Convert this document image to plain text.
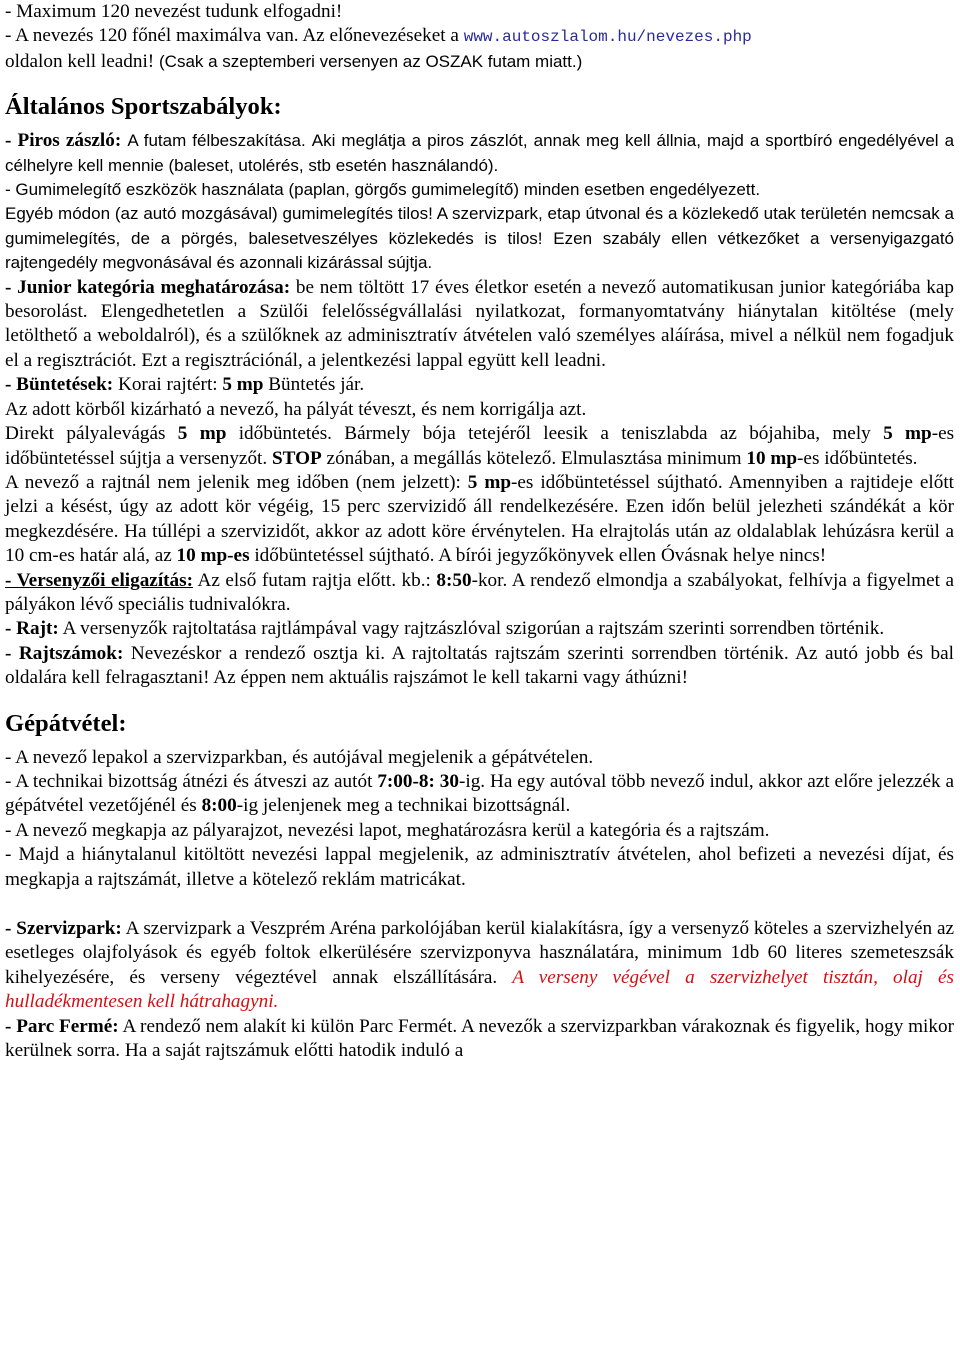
- Maximum 120 nevezést tudunk elfogadni!

- A nevezés 120 főnél maximálva van. Az előnevezéseket a www.autoszlalom.hu/nevezes.php

oldalon kell leadni! (Csak a szeptemberi versenyen az OSZAK futam miatt.)

Általános Sportszabályok:

- Piros zászló: A futam félbeszakítása. Aki meglátja a piros zászlót, annak meg kell állnia, majd a sportbíró engedélyével a célhelyre kell mennie (baleset, utolérés, stb esetén használandó).

- Gumimelegítő eszközök használata (paplan, görgős gumimelegítő) minden esetben engedélyezett.

Egyéb módon (az autó mozgásával) gumimelegítés tilos! A szervizpark, etap útvonal és a közlekedő utak területén nemcsak a gumimelegítés, de a pörgés, balesetveszélyes közlekedés is tilos! Ezen szabály ellen vétkezőket a versenyigazgató rajtengedély megvonásával és azonnali kizárással sújtja.

- Junior kategória meghatározása: be nem töltött 17 éves életkor esetén a nevező automatikusan junior kategóriába kap besorolást. Elengedhetetlen a Szülői felelősségvállalási nyilatkozat, formanyomtatvány hiánytalan kitöltése (mely letölthető a weboldalról), és a szülőknek az adminisztratív átvételen való személyes aláírása, mivel a nélkül nem fogadjuk el a regisztrációt. Ezt a regisztrációnál, a jelentkezési lappal együtt kell leadni.

- Büntetések: Korai rajtért: 5 mp Büntetés jár.

Az adott körből kizárható a nevező, ha pályát téveszt, és nem korrigálja azt.

Direkt pályalevágás 5 mp időbüntetés. Bármely bója tetejéről leesik a teniszlabda az bójahiba, mely 5 mp-es időbüntetéssel sújtja a versenyzőt. STOP zónában, a megállás kötelező. Elmulasztása minimum 10 mp-es időbüntetés.

A nevező a rajtnál nem jelenik meg időben (nem jelzett): 5 mp-es időbüntetéssel sújtható. Amennyiben a rajtideje előtt jelzi a késést, úgy az adott kör végéig, 15 perc szervizidő áll rendelkezésére. Ezen időn belül jelezheti szándékát a kör megkezdésére. Ha túllépi a szervizidőt, akkor az adott köre érvénytelen. Ha elrajtolás után az oldalablak lehúzásra kerül a 10 cm-es határ alá, az 10 mp-es időbüntetéssel sújtható. A bírói jegyzőkönyvek ellen Óvásnak helye nincs!

- Versenyzői eligazítás: Az első futam rajtja előtt. kb.: 8:50-kor. A rendező elmondja a szabályokat, felhívja a figyelmet a pályákon lévő speciális tudnivalókra.

- Rajt: A versenyzők rajtoltatása rajtlámpával vagy rajtzászlóval szigorúan a rajtszám szerinti sorrendben történik.

- Rajtszámok: Nevezéskor a rendező osztja ki. A rajtoltatás rajtszám szerinti sorrendben történik. Az autó jobb és bal oldalára kell felragasztani! Az éppen nem aktuális rajszámot le kell takarni vagy áthúzni!

Gépátvétel:

- A nevező lepakol a szervizparkban, és autójával megjelenik a gépátvételen.

- A technikai bizottság átnézi és átveszi az autót 7:00-8: 30-ig. Ha egy autóval több nevező indul, akkor azt előre jelezzék a gépátvétel vezetőjénél és 8:00-ig jelenjenek meg a technikai bizottságnál.

- A nevező megkapja az pályarajzot, nevezési lapot, meghatározásra kerül a kategória és a rajtszám.

- Majd a hiánytalanul kitöltött nevezési lappal megjelenik, az adminisztratív átvételen, ahol befizeti a nevezési díjat, és megkapja a rajtszámát, illetve a kötelező reklám matricákat.

- Szervizpark: A szervizpark a Veszprém Aréna parkolójában kerül kialakításra, így a versenyző köteles a szervizhelyén az esetleges olajfolyások és egyéb foltok elkerülésére szervizponyva használatára, minimum 1db 60 literes szemeteszsák kihelyezésére, és verseny végeztével annak elszállítására. A verseny végével a szervizhelyet tisztán, olaj és hulladékmentesen kell hátrahagyni.

- Parc Fermé: A rendező nem alakít ki külön Parc Fermét. A nevezők a szervizparkban várakoznak és figyelik, hogy mikor kerülnek sorra. Ha a saját rajtszámuk előtti hatodik induló a
